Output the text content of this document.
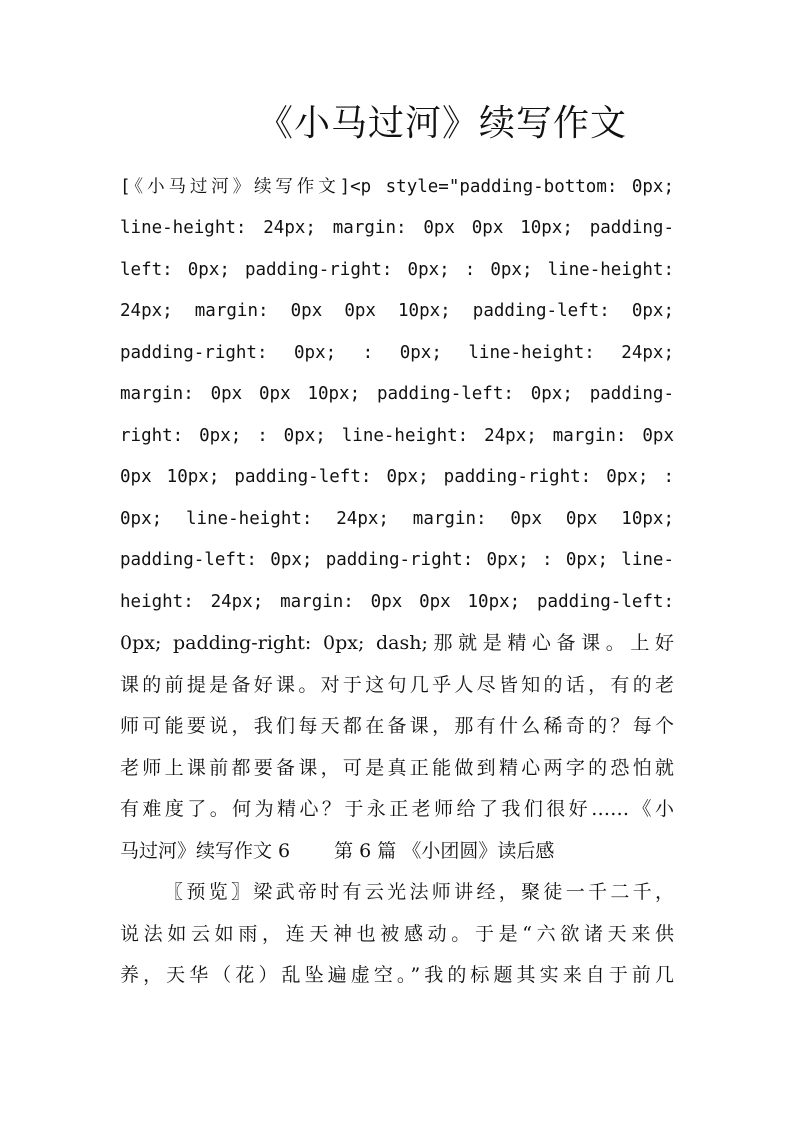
《小马过河》续写作文
[《小马过河》续写作文]<p style="padding-bottom: 0px;
line-height: 24px; margin: 0px 0px 10px; padding-
left: 0px; padding-right: 0px; : 0px; line-height:
24px; margin: 0px 0px 10px; padding-left: 0px;
padding-right: 0px; : 0px; line-height: 24px;
margin: 0px 0px 10px; padding-left: 0px; padding-
right: 0px; : 0px; line-height: 24px; margin: 0px
0px 10px; padding-left: 0px; padding-right: 0px; :
0px; line-height: 24px; margin: 0px 0px 10px;
padding-left: 0px; padding-right: 0px; : 0px; line-
height: 24px; margin: 0px 0px 10px; padding-left:
0px; padding-right: 0px; dash;那就是精心备课。上好
课的前提是备好课。对于这句几乎人尽皆知的话，有的老
师可能要说，我们每天都在备课，那有什么稀奇的？每个
老师上课前都要备课，可是真正能做到精心两字的恐怕就
有难度了。何为精心？于永正老师给了我们很好……《小
马过河》续写作文 6 第 6 篇 《小团圆》读后感
〖预览〗梁武帝时有云光法师讲经，聚徒一千二千，
说法如云如雨，连天神也被感动。于是“六欲诸天来供
养，天华（花）乱坠遍虚空。”我的标题其实来自于前几
